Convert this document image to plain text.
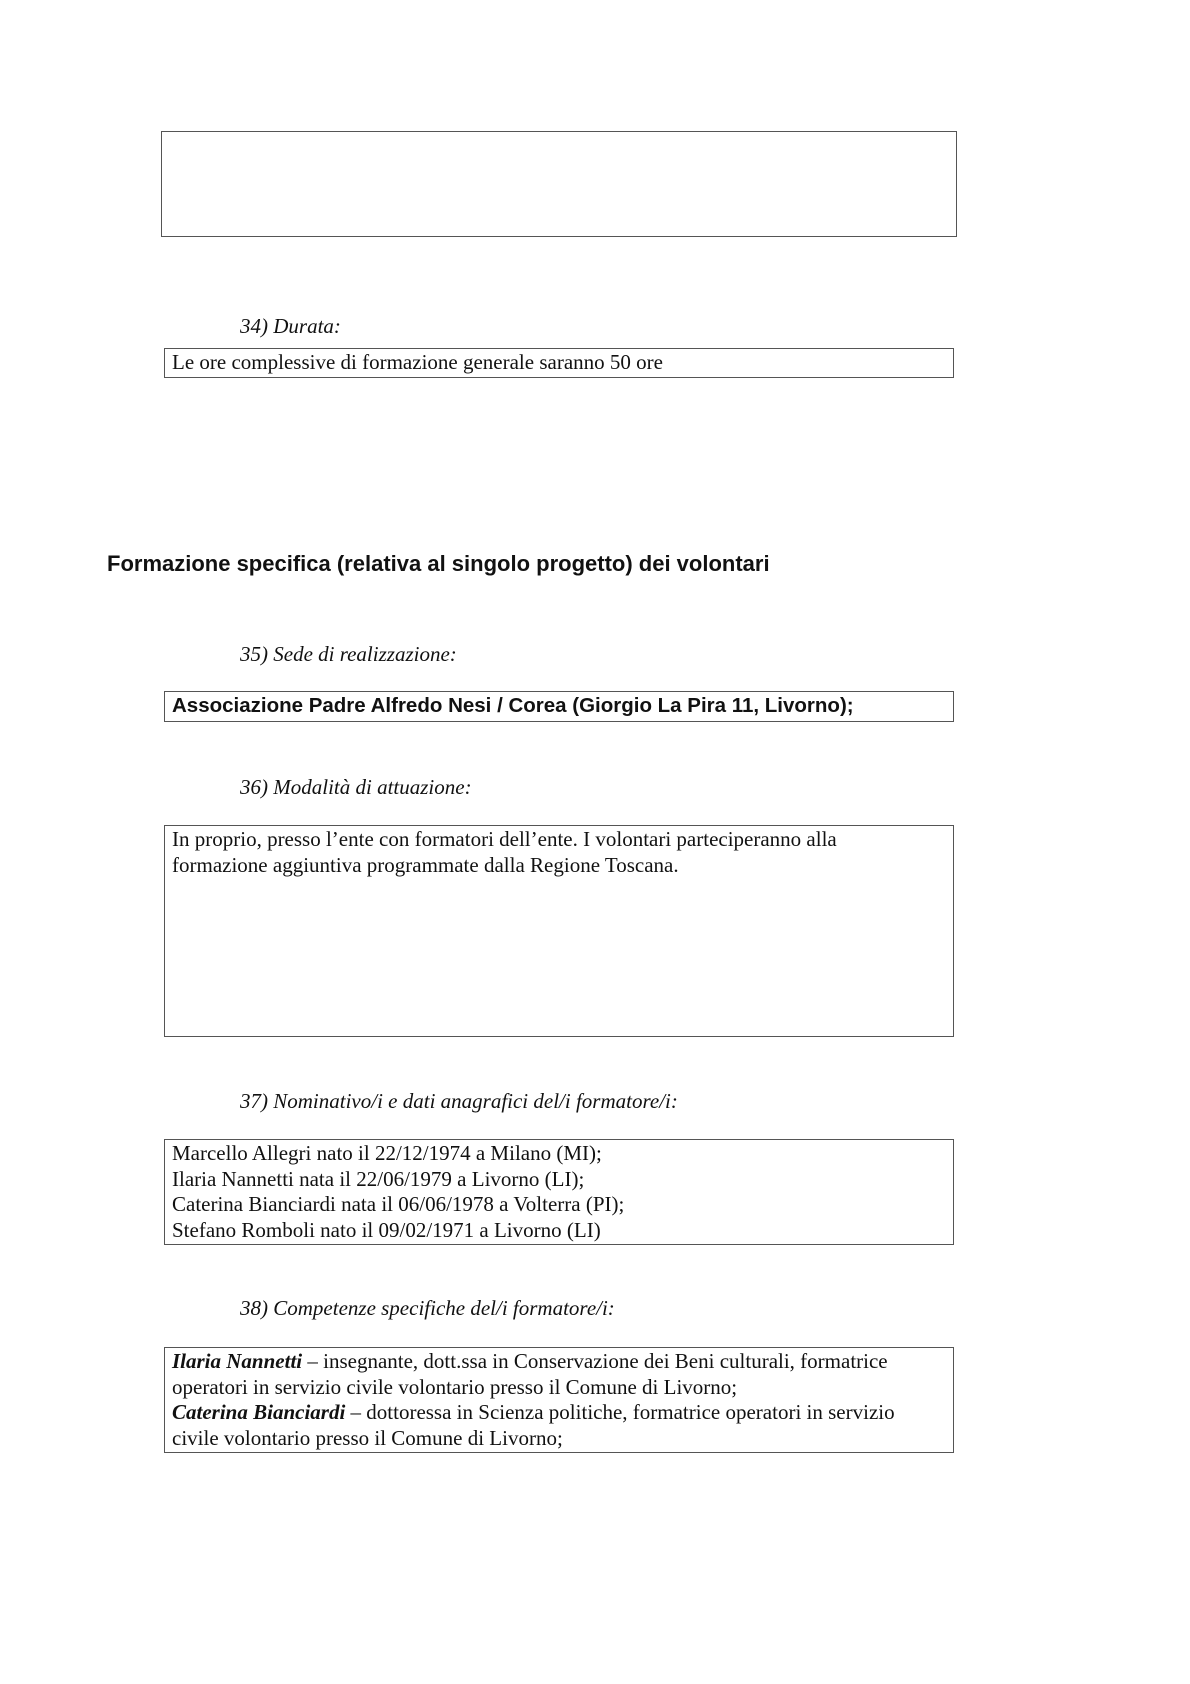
34) Durata:

Le ore complessive di formazione generale saranno 50 ore

Formazione specifica (relativa al singolo progetto) dei volontari
35) Sede di realizzazione:
Associazione Padre Alfredo Nesi / Corea (Giorgio La Pira 11, Livorno);
36) Modalità di attuazione:

In proprio, presso l’ente con formatori dell’ente. I volontari parteciperanno alla
formazione aggiuntiva programmate dalla Regione Toscana.

37) Nominativo/i e dati anagrafici del/i formatore/i:

Marcello Allegri nato il 22/12/1974 a Milano (MI);
Ilaria Nannetti nata il 22/06/1979 a Livorno (LI);
Caterina Bianciardi nata il 06/06/1978 a Volterra (PI);
Stefano Romboli nato il 09/02/1971 a Livorno (LI)

38) Competenze specifiche del/i formatore/i:

Ilaria Nannetti – insegnante, dott.ssa in Conservazione dei Beni culturali, formatrice
operatori in servizio civile volontario presso il Comune di Livorno;
Caterina Bianciardi – dottoressa in Scienza politiche, formatrice operatori in servizio
civile volontario presso il Comune di Livorno;
